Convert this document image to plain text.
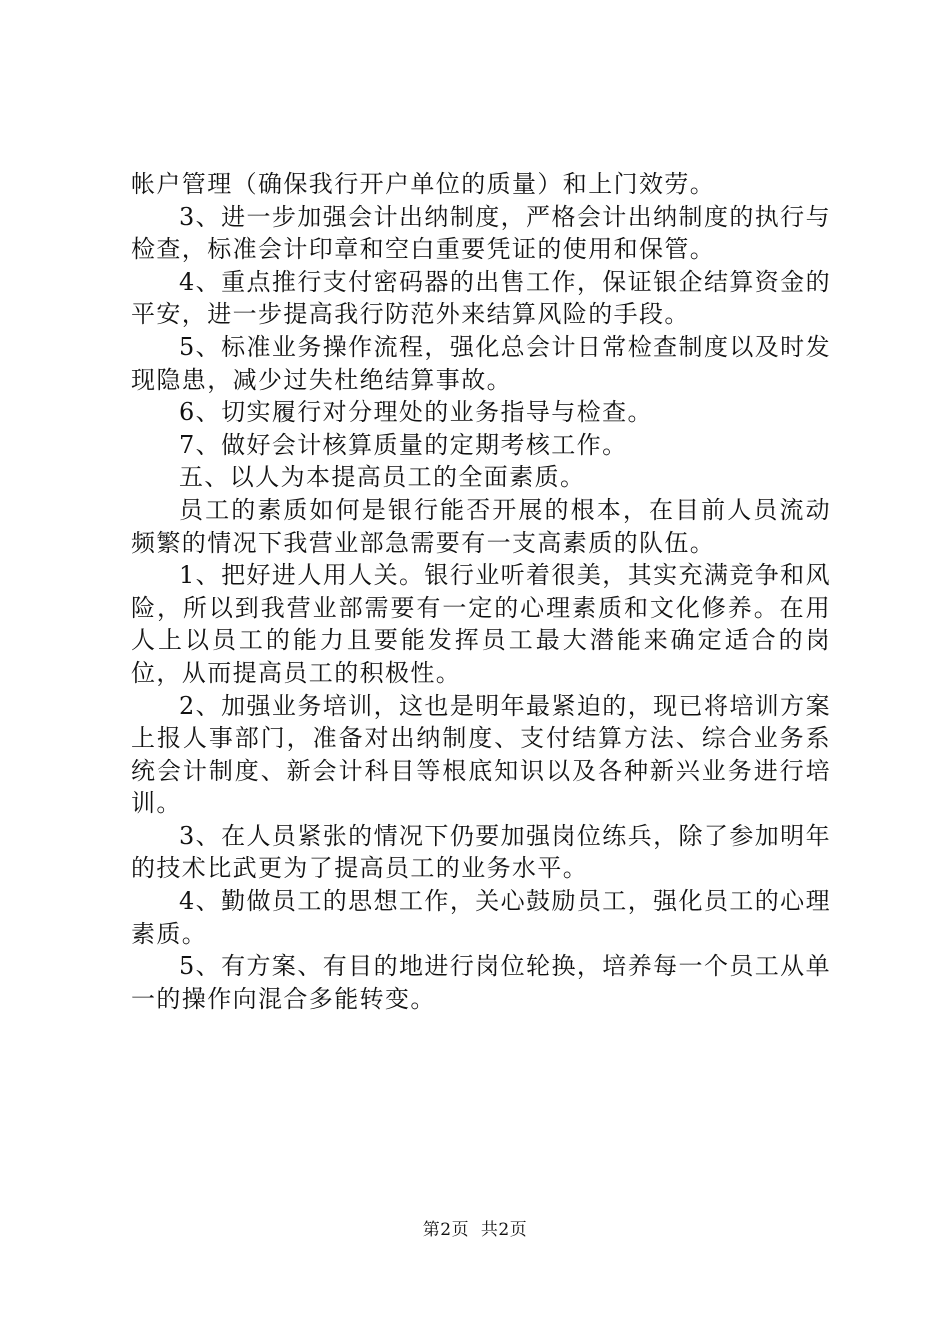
帐户管理（确保我行开户单位的质量）和上门效劳。

3、进一步加强会计出纳制度，严格会计出纳制度的执行与检查，标准会计印章和空白重要凭证的使用和保管。

4、重点推行支付密码器的出售工作，保证银企结算资金的平安，进一步提高我行防范外来结算风险的手段。

5、标准业务操作流程，强化总会计日常检查制度以及时发现隐患，减少过失杜绝结算事故。

6、切实履行对分理处的业务指导与检查。

7、做好会计核算质量的定期考核工作。

五、以人为本提高员工的全面素质。

员工的素质如何是银行能否开展的根本，在目前人员流动频繁的情况下我营业部急需要有一支高素质的队伍。

1、把好进人用人关。银行业听着很美，其实充满竞争和风险，所以到我营业部需要有一定的心理素质和文化修养。在用人上以员工的能力且要能发挥员工最大潜能来确定适合的岗位，从而提高员工的积极性。

2、加强业务培训，这也是明年最紧迫的，现已将培训方案上报人事部门，准备对出纳制度、支付结算方法、综合业务系统会计制度、新会计科目等根底知识以及各种新兴业务进行培训。

3、在人员紧张的情况下仍要加强岗位练兵，除了参加明年的技术比武更为了提高员工的业务水平。

4、勤做员工的思想工作，关心鼓励员工，强化员工的心理素质。

5、有方案、有目的地进行岗位轮换，培养每一个员工从单一的操作向混合多能转变。

第2页 共2页
